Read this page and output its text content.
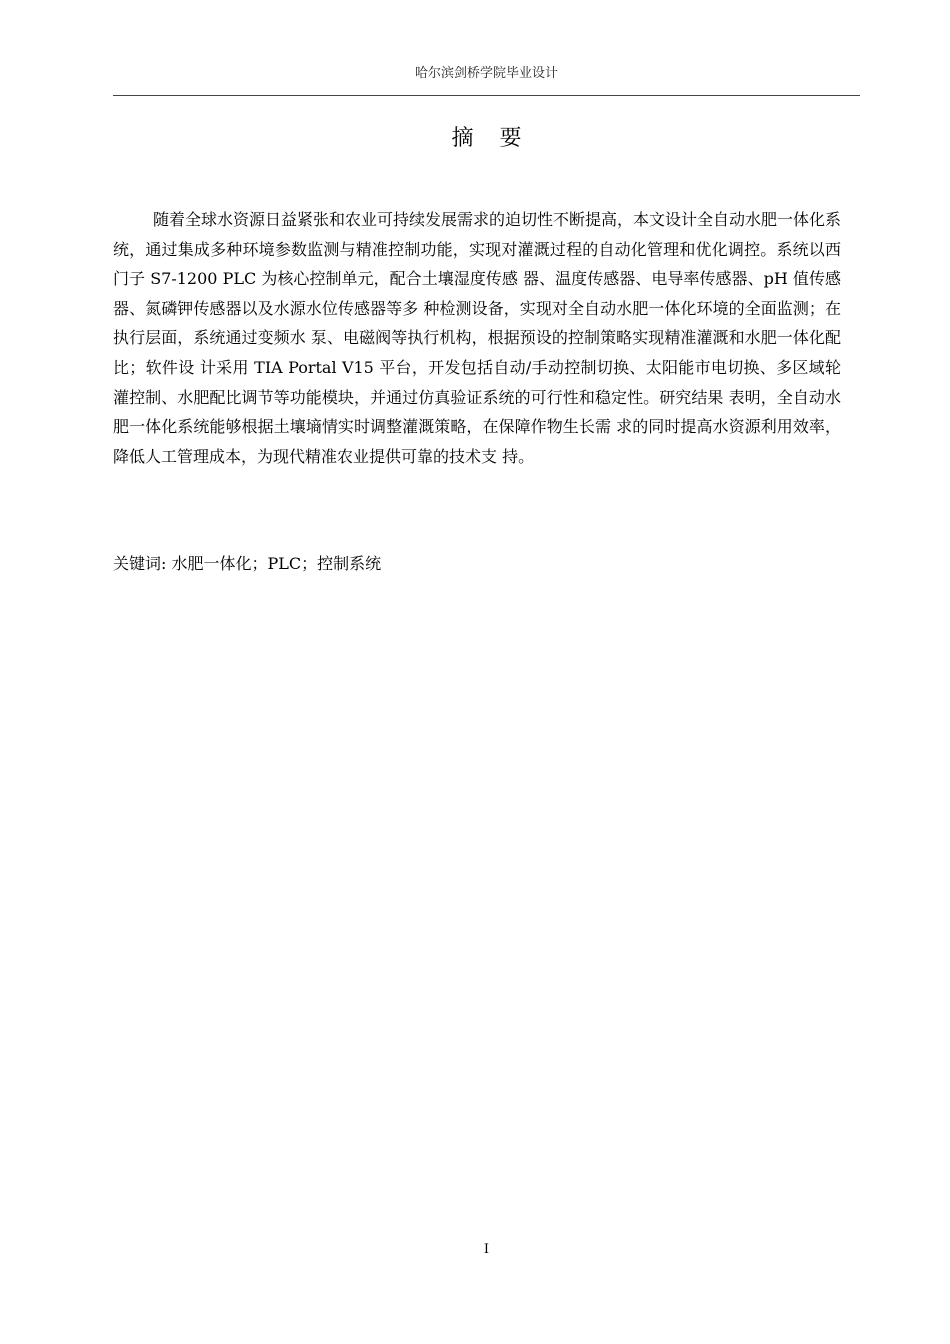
哈尔滨剑桥学院毕业设计
摘要

随着全球水资源日益紧张和农业可持续发展需求的迫切性不断提高，本文设计全自动水肥一体化系统，通过集成多种环境参数监测与精准控制功能，实现对灌溉过程的自动化管理和优化调控。系统以西门子 S7-1200 PLC 为核心控制单元，配合土壤湿度传感 器、温度传感器、电导率传感器、pH 值传感器、氮磷钾传感器以及水源水位传感器等多 种检测设备，实现对全自动水肥一体化环境的全面监测；在执行层面，系统通过变频水 泵、电磁阀等执行机构，根据预设的控制策略实现精准灌溉和水肥一体化配比；软件设 计采用 TIA Portal V15 平台，开发包括自动/手动控制切换、太阳能市电切换、多区域轮 灌控制、水肥配比调节等功能模块，并通过仿真验证系统的可行性和稳定性。研究结果 表明，全自动水肥一体化系统能够根据土壤墒情实时调整灌溉策略，在保障作物生长需 求的同时提高水资源利用效率，降低人工管理成本，为现代精准农业提供可靠的技术支 持。

关键词: 水肥一体化；PLC；控制系统
I
